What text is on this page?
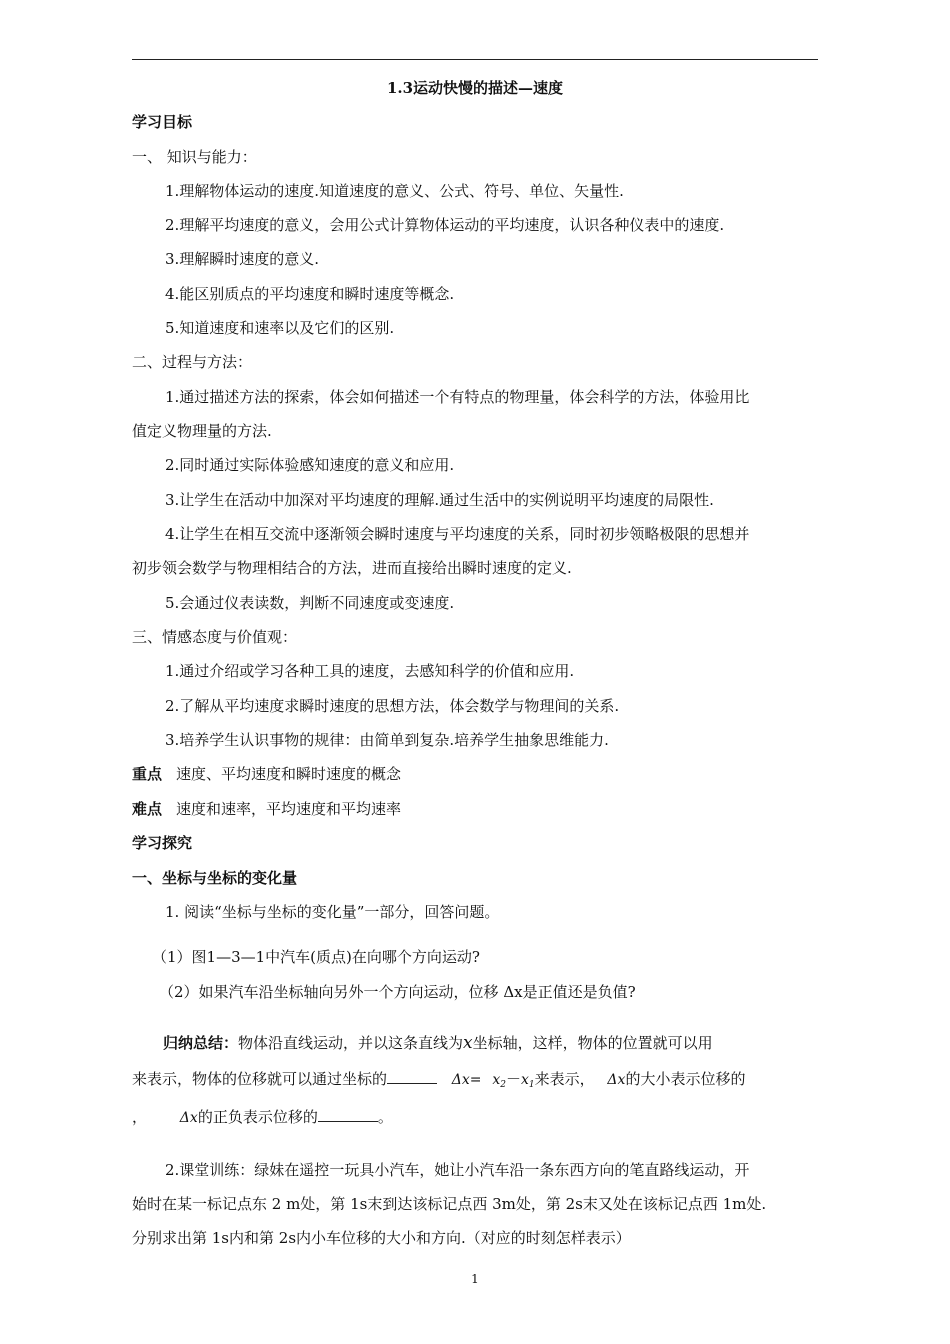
1.3运动快慢的描述—速度
学习目标
一、 知识与能力：
1.理解物体运动的速度.知道速度的意义、公式、符号、单位、矢量性.
2.理解平均速度的意义，会用公式计算物体运动的平均速度，认识各种仪表中的速度.
3.理解瞬时速度的意义.
4.能区别质点的平均速度和瞬时速度等概念.
5.知道速度和速率以及它们的区别.
二、过程与方法：
1.通过描述方法的探索，体会如何描述一个有特点的物理量，体会科学的方法，体验用比
值定义物理量的方法.
2.同时通过实际体验感知速度的意义和应用.
3.让学生在活动中加深对平均速度的理解.通过生活中的实例说明平均速度的局限性.
4.让学生在相互交流中逐渐领会瞬时速度与平均速度的关系，同时初步领略极限的思想并
初步领会数学与物理相结合的方法，进而直接给出瞬时速度的定义.
5.会通过仪表读数，判断不同速度或变速度.
三、情感态度与价值观：
1.通过介绍或学习各种工具的速度，去感知科学的价值和应用.
2.了解从平均速度求瞬时速度的思想方法，体会数学与物理间的关系.
3.培养学生认识事物的规律：由简单到复杂.培养学生抽象思维能力.
重点 速度、平均速度和瞬时速度的概念
难点 速度和速率，平均速度和平均速率
学习探究
一、坐标与坐标的变化量
1. 阅读“坐标与坐标的变化量”一部分，回答问题。
（1）图1—3—1中汽车(质点)在向哪个方向运动?
（2）如果汽车沿坐标轴向另外一个方向运动，位移 Δx是正值还是负值?
归纳总结：物体沿直线运动，并以这条直线为x坐标轴，这样，物体的位置就可以用
来表示，物体的位移就可以通过坐标的	$\Delta x= x_2-x_1$来表示， Δx的大小表示位移的
， Δx的正负表示位移的	。
2.课堂训练：绿妹在遥控一玩具小汽车，她让小汽车沿一条东西方向的笔直路线运动，开
始时在某一标记点东 2 m处，第 1s末到达该标记点西 3m处，第 2s末又处在该标记点西 1m处.
分别求出第 1s内和第 2s内小车位移的大小和方向.（对应的时刻怎样表示）
1
